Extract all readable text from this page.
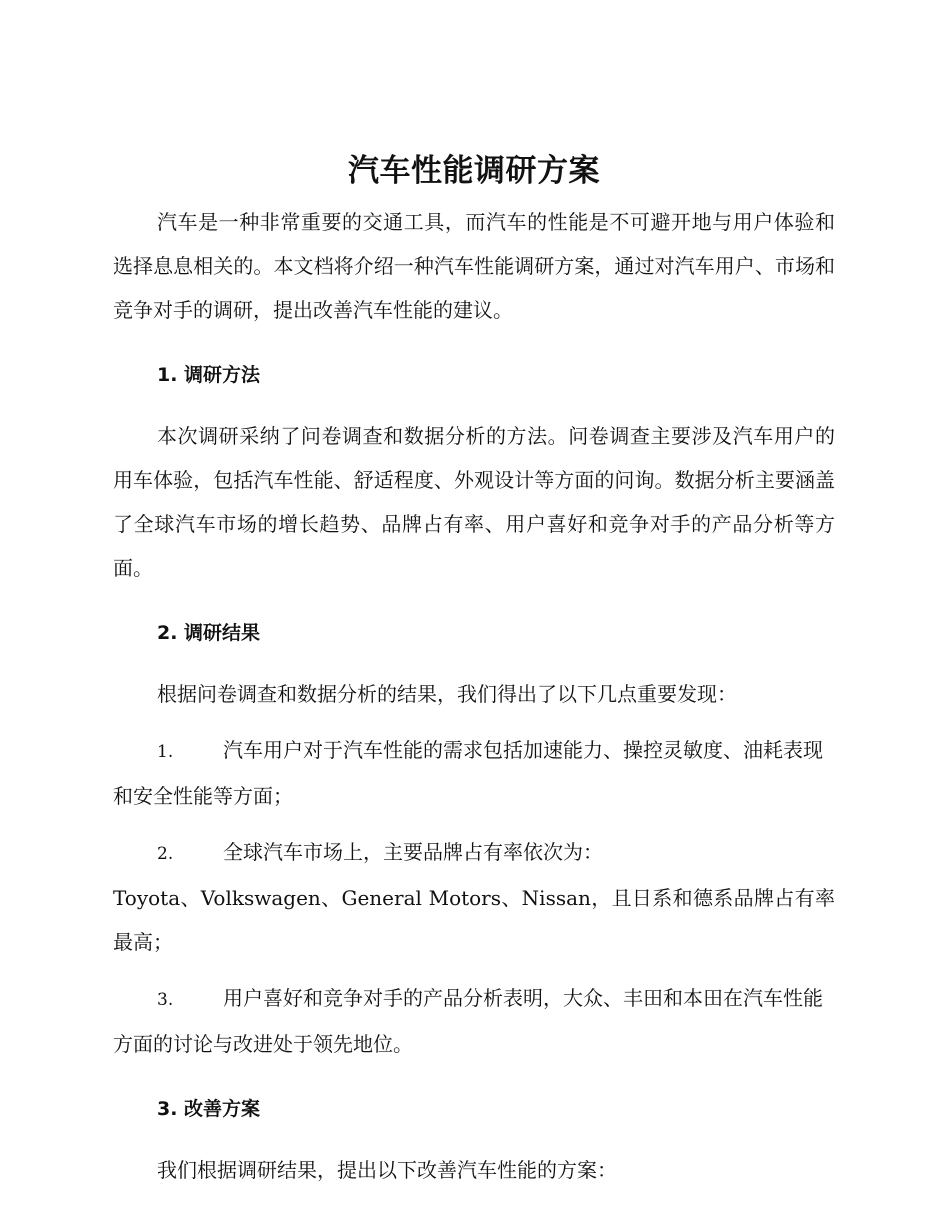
汽车性能调研方案

汽车是一种非常重要的交通工具，而汽车的性能是不可避开地与用户体验和选择息息相关的。本文档将介绍一种汽车性能调研方案，通过对汽车用户、市场和竞争对手的调研，提出改善汽车性能的建议。

1. 调研方法

本次调研采纳了问卷调查和数据分析的方法。问卷调查主要涉及汽车用户的用车体验，包括汽车性能、舒适程度、外观设计等方面的问询。数据分析主要涵盖了全球汽车市场的增长趋势、品牌占有率、用户喜好和竞争对手的产品分析等方面。

2. 调研结果

根据问卷调查和数据分析的结果，我们得出了以下几点重要发现：

1. 汽车用户对于汽车性能的需求包括加速能力、操控灵敏度、油耗表现和安全性能等方面；

2. 全球汽车市场上，主要品牌占有率依次为：

Toyota、Volkswagen、General Motors、Nissan，且日系和德系品牌占有率最高；

3. 用户喜好和竞争对手的产品分析表明，大众、丰田和本田在汽车性能方面的讨论与改进处于领先地位。

3. 改善方案

我们根据调研结果，提出以下改善汽车性能的方案：
